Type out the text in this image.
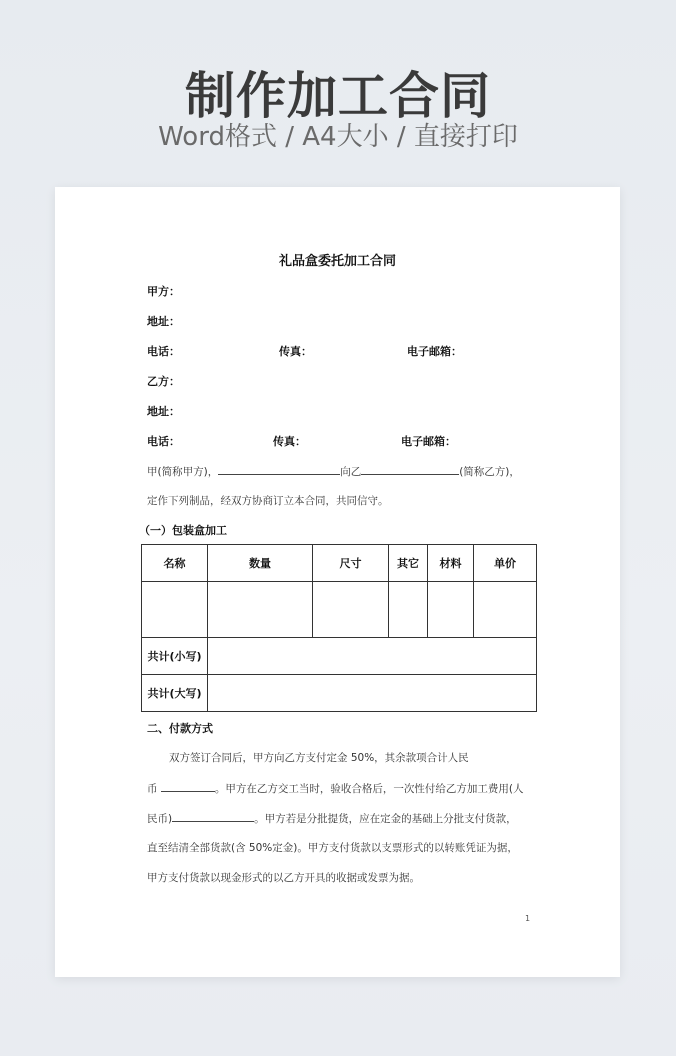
制作加工合同
Word格式 / A4大小 / 直接打印
礼品盒委托加工合同
甲方：
地址：
电话：	传真：	电子邮箱：
乙方：
地址：
电话：	传真：	电子邮箱：
甲(简称甲方)，	向乙	(简称乙方)，
定作下列制品，经双方协商订立本合同，共同信守。
（一）包装盒加工
名称	数量	尺寸	其它	材料	单价

共计(小写)					
共计(大写)					
二、付款方式
双方签订合同后，甲方向乙方支付定金 50%，其余款项合计人民
币	。甲方在乙方交工当时，验收合格后，一次性付给乙方加工费用(人
民币)	。甲方若是分批提货，应在定金的基础上分批支付货款，
直至结清全部货款(含 50%定金)。甲方支付货款以支票形式的以转账凭证为据，
甲方支付货款以现金形式的以乙方开具的收据或发票为据。
1
